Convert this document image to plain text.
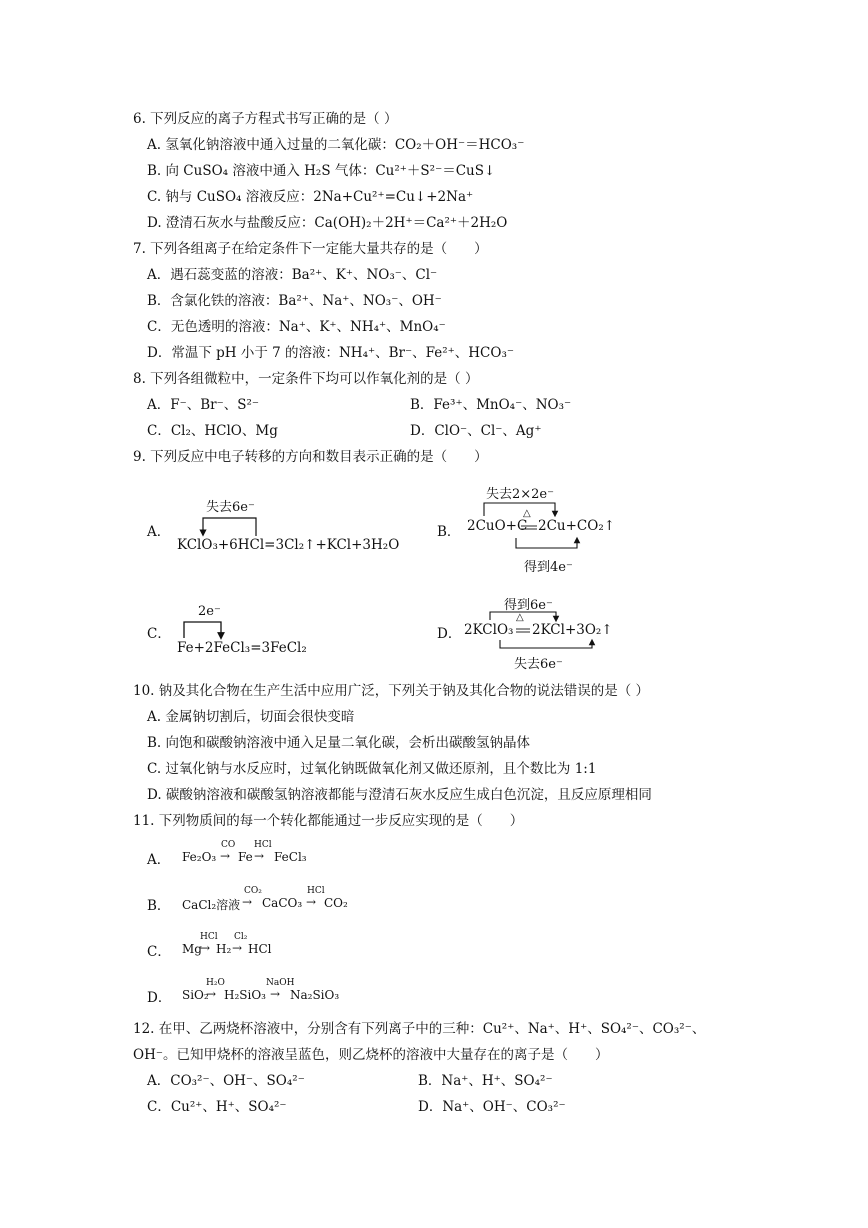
6. 下列反应的离子方程式书写正确的是（ ）
A. 氢氧化钠溶液中通入过量的二氧化碳：CO₂＋OH⁻＝HCO₃⁻
B. 向 CuSO₄ 溶液中通入 H₂S 气体：Cu²⁺＋S²⁻＝CuS↓
C. 钠与 CuSO₄ 溶液反应：2Na+Cu²⁺=Cu↓+2Na⁺
D. 澄清石灰水与盐酸反应：Ca(OH)₂＋2H⁺＝Ca²⁺＋2H₂O
7. 下列各组离子在给定条件下一定能大量共存的是（　　）
A．遇石蕊变蓝的溶液：Ba²⁺、K⁺、NO₃⁻、Cl⁻
B．含氯化铁的溶液：Ba²⁺、Na⁺、NO₃⁻、OH⁻
C．无色透明的溶液：Na⁺、K⁺、NH₄⁺、MnO₄⁻
D．常温下 pH 小于 7 的溶液：NH₄⁺、Br⁻、Fe²⁺、HCO₃⁻
8. 下列各组微粒中，一定条件下均可以作氧化剂的是（ ）
A．F⁻、Br⁻、S²⁻	B．Fe³⁺、MnO₄⁻、NO₃⁻
C．Cl₂、HClO、Mg	D．ClO⁻、Cl⁻、Ag⁺
9. 下列反应中电子转移的方向和数目表示正确的是（　　）
A．
失去6e⁻
KClO₃+6HCl=3Cl₂↑+KCl+3H₂O
B．
失去2×2e⁻
2CuO+C
△
2Cu+CO₂↑
得到4e⁻
C．
2e⁻
Fe+2FeCl₃=3FeCl₂
D．
得到6e⁻
2KClO₃
△
2KCl+3O₂↑
失去6e⁻
10. 钠及其化合物在生产生活中应用广泛，下列关于钠及其化合物的说法错误的是（ ）
A. 金属钠切割后，切面会很快变暗
B. 向饱和碳酸钠溶液中通入足量二氧化碳，会析出碳酸氢钠晶体
C. 过氧化钠与水反应时，过氧化钠既做氧化剂又做还原剂，且个数比为 1:1
D. 碳酸钠溶液和碳酸氢钠溶液都能与澄清石灰水反应生成白色沉淀，且反应原理相同
11. 下列物质间的每一个转化都能通过一步反应实现的是（　　）
A． Fe₂O₃
CO
→ Fe
HCl
→ FeCl₃
B． CaCl₂溶液
CO₂
→ CaCO₃
HCl
→ CO₂
C． Mg
HCl
→ H₂
Cl₂
→ HCl
D． SiO₂
H₂O
→ H₂SiO₃
NaOH
→ Na₂SiO₃
12. 在甲、乙两烧杯溶液中，分别含有下列离子中的三种：Cu²⁺、Na⁺、H⁺、SO₄²⁻、CO₃²⁻、
OH⁻。已知甲烧杯的溶液呈蓝色，则乙烧杯的溶液中大量存在的离子是（　　）
A．CO₃²⁻、OH⁻、SO₄²⁻	B．Na⁺、H⁺、SO₄²⁻
C．Cu²⁺、H⁺、SO₄²⁻	D．Na⁺、OH⁻、CO₃²⁻
